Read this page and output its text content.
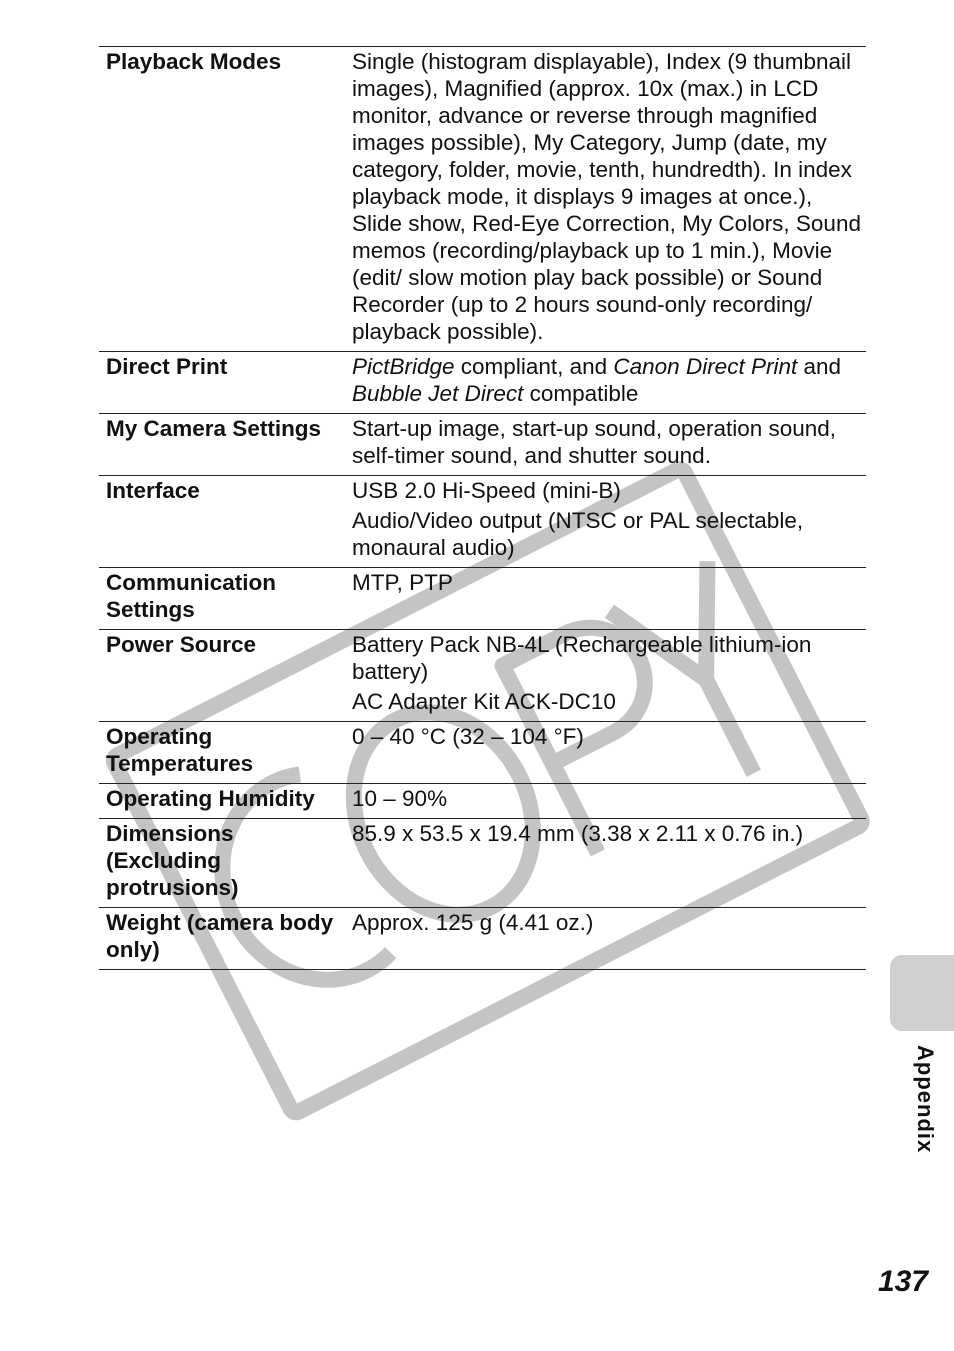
Playback Modes	Single (histogram displayable), Index (9 thumbnail images), Magnified (approx. 10x (max.) in LCD monitor, advance or reverse through magnified images possible), My Category, Jump (date, my category, folder, movie, tenth, hundredth). In index playback mode, it displays 9 images at once.), Slide show, Red-Eye Correction, My Colors, Sound memos (recording/playback up to 1 min.), Movie (edit/ slow motion play back possible) or Sound Recorder (up to 2 hours sound-only recording/ playback possible).

Direct Print	PictBridge compliant, and Canon Direct Print and Bubble Jet Direct compatible

My Camera Settings	Start-up image, start-up sound, operation sound, self-timer sound, and shutter sound.

Interface	USB 2.0 Hi-Speed (mini-B)
Audio/Video output (NTSC or PAL selectable, monaural audio)

Communication Settings	MTP, PTP

Power Source	Battery Pack NB-4L (Rechargeable lithium-ion battery)
AC Adapter Kit ACK-DC10

Operating Temperatures	0 – 40 °C (32 – 104 °F)

Operating Humidity	10 – 90%

Dimensions (Excluding protrusions)	85.9 x 53.5 x 19.4 mm (3.38 x 2.11 x 0.76 in.)

Weight (camera body only)	Approx. 125 g (4.41 oz.)
Appendix
137
